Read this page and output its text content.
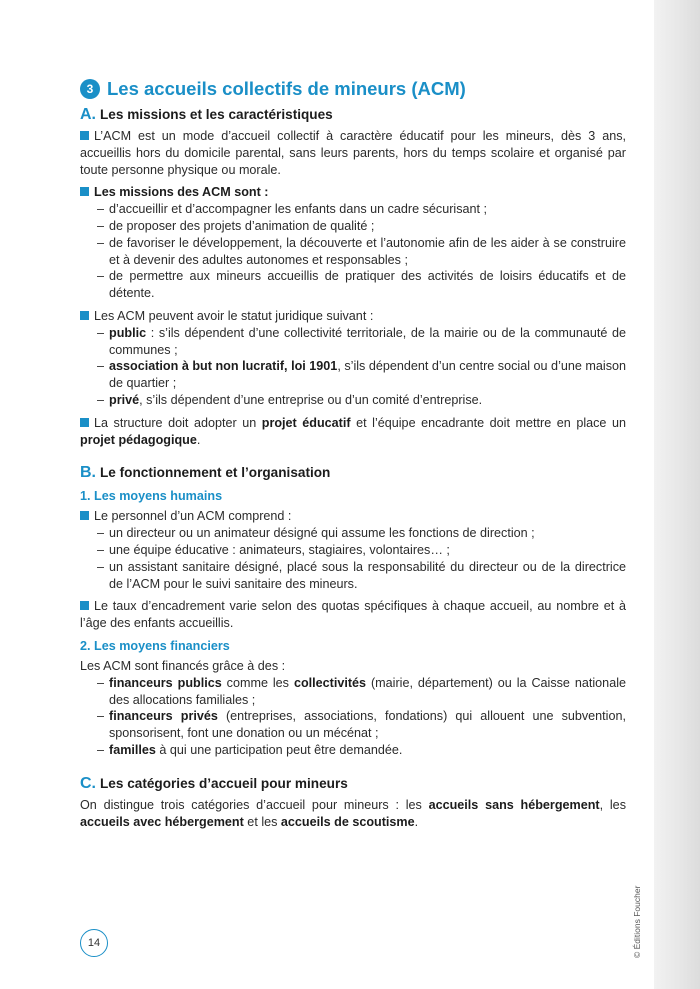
3 Les accueils collectifs de mineurs (ACM)
A. Les missions et les caractéristiques

L’ACM est un mode d’accueil collectif à caractère éducatif pour les mineurs, dès 3 ans, accueillis hors du domicile parental, sans leurs parents, hors du temps scolaire et organisé par toute personne physique ou morale.

Les missions des ACM sont :

– d’accueillir et d’accompagner les enfants dans un cadre sécurisant ;
– de proposer des projets d’animation de qualité ;
– de favoriser le développement, la découverte et l’autonomie afin de les aider à se construire et à devenir des adultes autonomes et responsables ;
– de permettre aux mineurs accueillis de pratiquer des activités de loisirs éducatifs et de détente.

Les ACM peuvent avoir le statut juridique suivant :

– public : s’ils dépendent d’une collectivité territoriale, de la mairie ou de la communauté de communes ;
– association à but non lucratif, loi 1901, s’ils dépendent d’un centre social ou d’une maison de quartier ;
– privé, s’ils dépendent d’une entreprise ou d’un comité d’entreprise.

La structure doit adopter un projet éducatif et l’équipe encadrante doit mettre en place un projet pédagogique.

B. Le fonctionnement et l’organisation
1. Les moyens humains

Le personnel d’un ACM comprend :

– un directeur ou un animateur désigné qui assume les fonctions de direction ;
– une équipe éducative : animateurs, stagiaires, volontaires… ;
– un assistant sanitaire désigné, placé sous la responsabilité du directeur ou de la directrice de l’ACM pour le suivi sanitaire des mineurs.

Le taux d’encadrement varie selon des quotas spécifiques à chaque accueil, au nombre et à l’âge des enfants accueillis.

2. Les moyens financiers

Les ACM sont financés grâce à des :

– financeurs publics comme les collectivités (mairie, département) ou la Caisse nationale des allocations familiales ;
– financeurs privés (entreprises, associations, fondations) qui allouent une subvention, sponsorisent, font une donation ou un mécénat ;
– familles à qui une participation peut être demandée.
C. Les catégories d’accueil pour mineurs

On distingue trois catégories d’accueil pour mineurs : les accueils sans hébergement, les accueils avec hébergement et les accueils de scoutisme.

14	© Éditions Foucher
